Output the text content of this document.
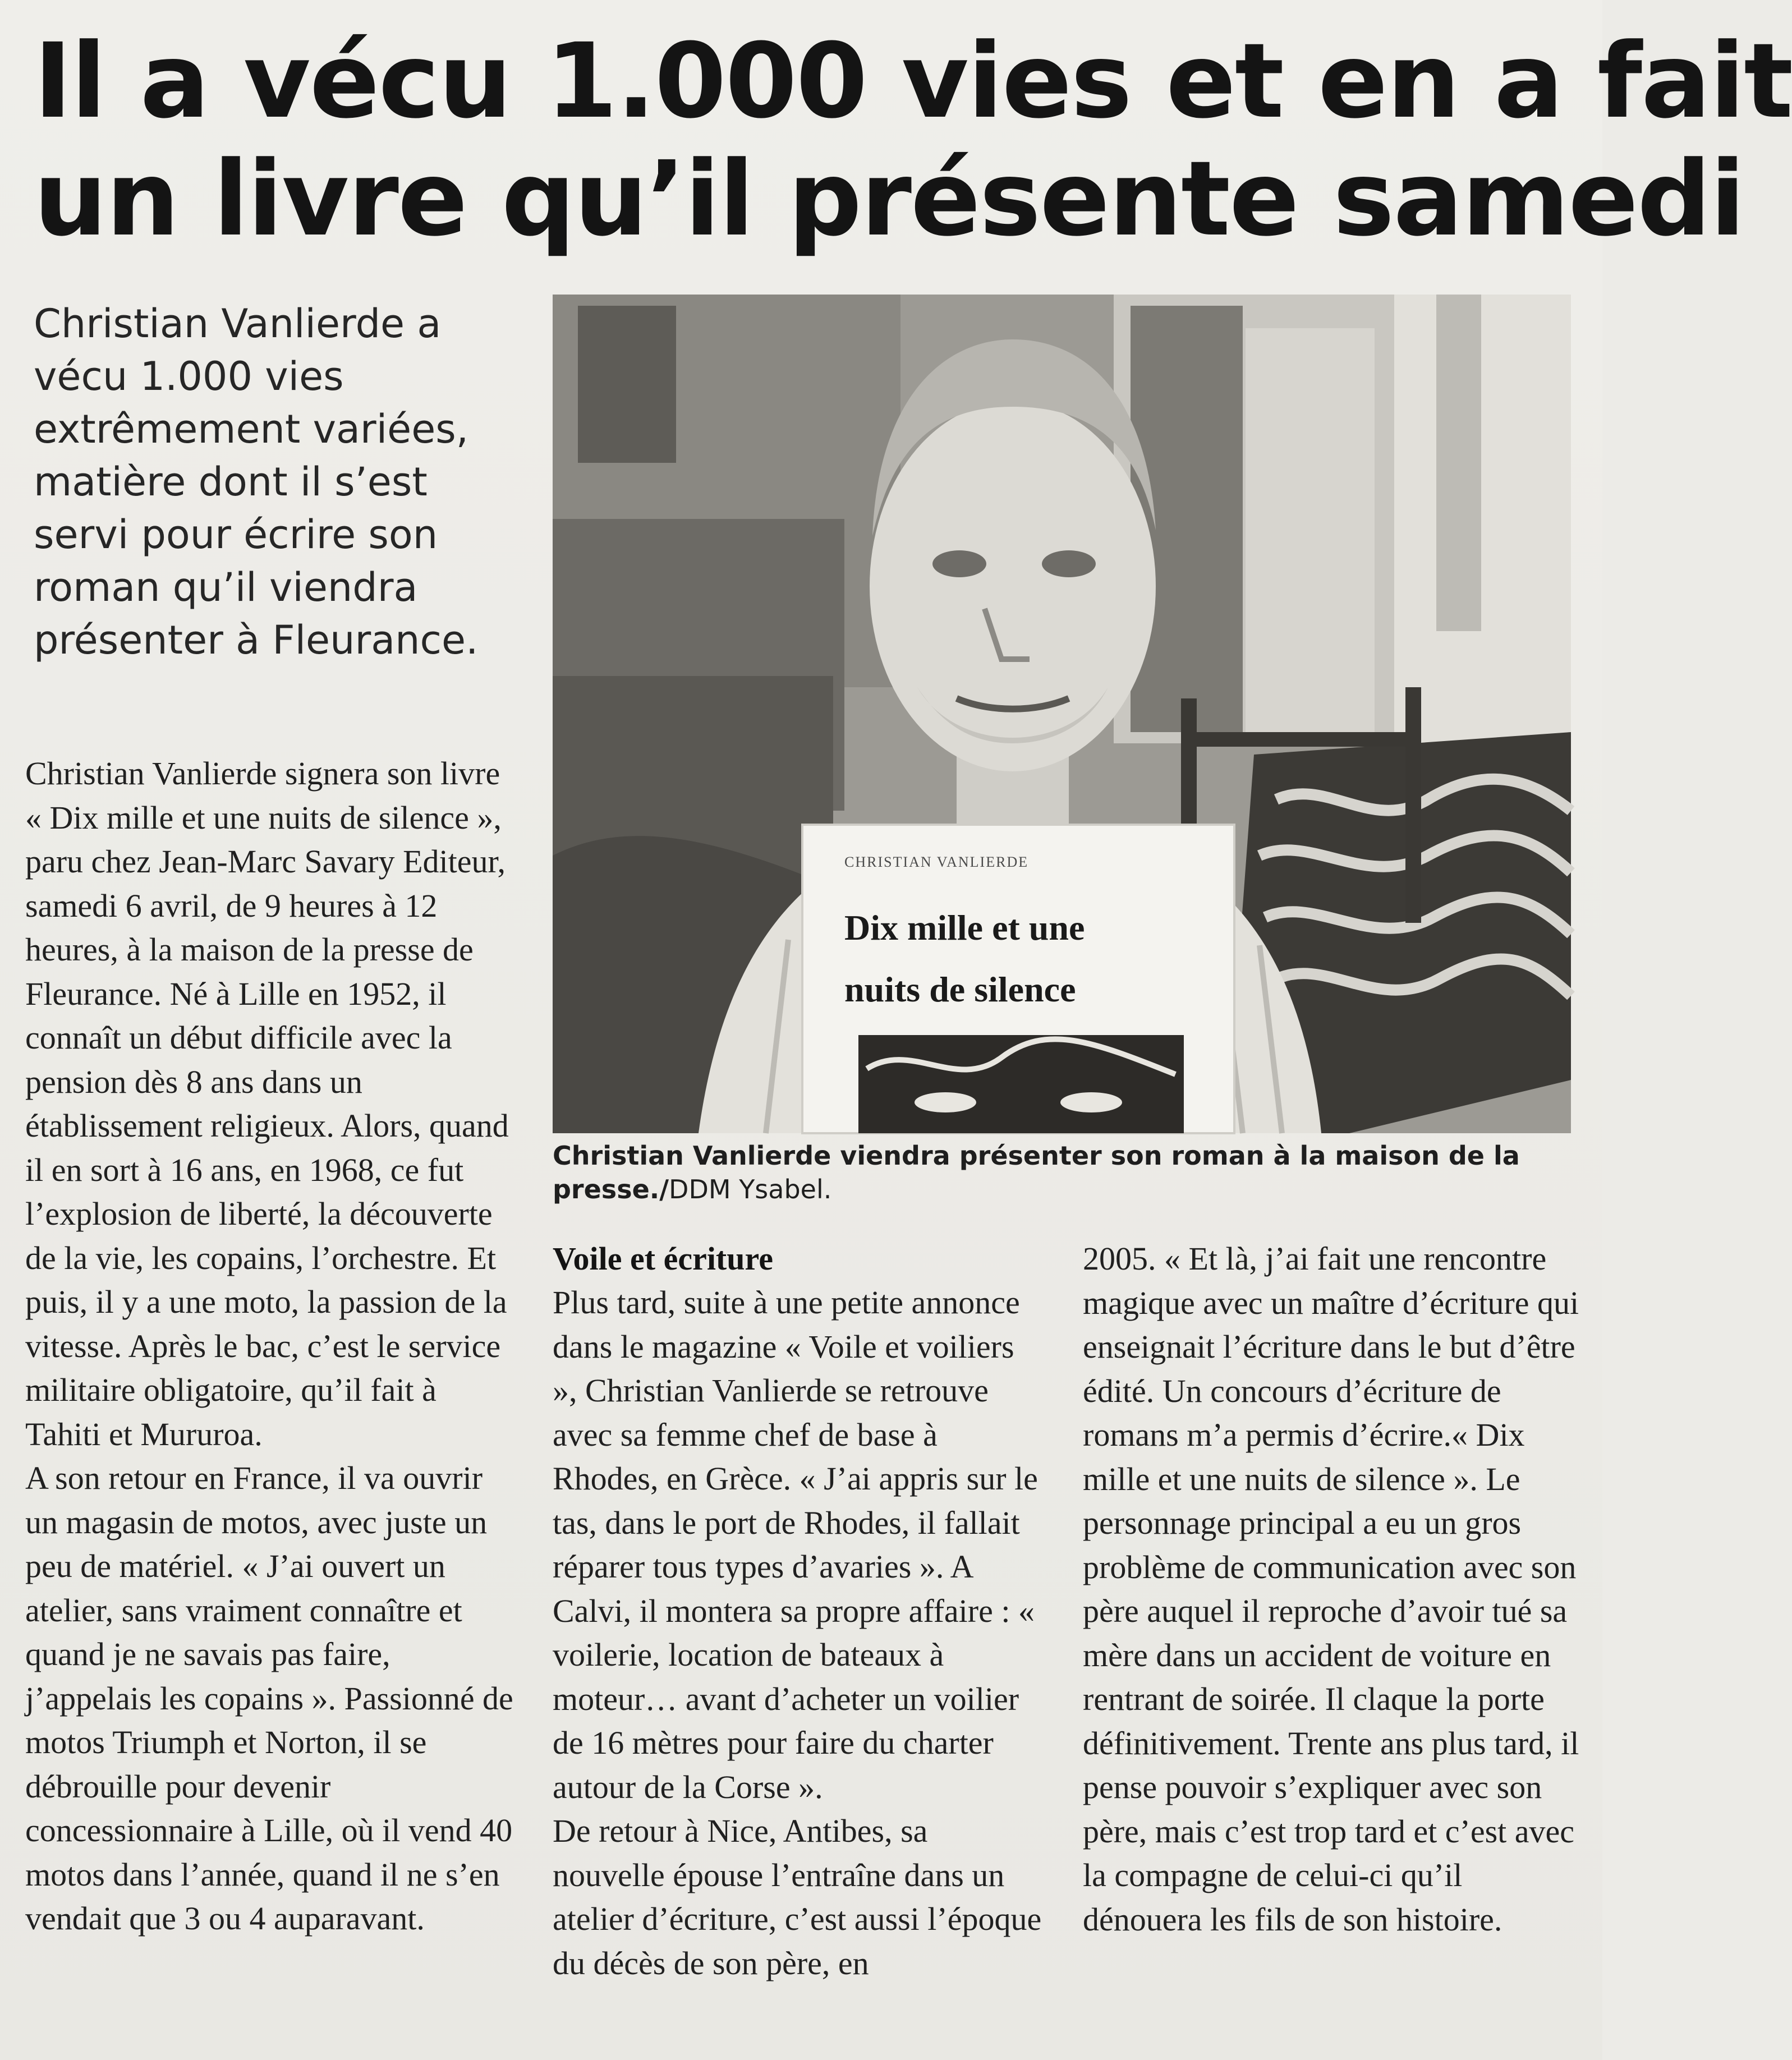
Il a vécu 1.000 vies et en a fait
un livre qu’il présente samedi
Christian Vanlierde a vécu 1.000 vies extrêmement variées, matière dont il s’est servi pour écrire son roman qu’il viendra présenter à Fleurance.
CHRISTIAN VANLIERDE
Dix mille et une
nuits de silence
Christian Vanlierde viendra présenter son roman à la maison de la presse./DDM Ysabel.

Christian Vanlierde signera son livre « Dix mille et une nuits de silence », paru chez Jean-Marc Savary Editeur, samedi 6 avril, de 9 heures à 12 heures, à la maison de la presse de Fleurance. Né à Lille en 1952, il connaît un début difficile avec la pension dès 8 ans dans un établissement religieux. Alors, quand il en sort à 16 ans, en 1968, ce fut l’explosion de liberté, la découverte de la vie, les copains, l’orchestre. Et puis, il y a une moto, la passion de la vitesse. Après le bac, c’est le service militaire obligatoire, qu’il fait à Tahiti et Mururoa.

A son retour en France, il va ouvrir un magasin de motos, avec juste un peu de matériel. « J’ai ouvert un atelier, sans vraiment connaître et quand je ne savais pas faire, j’appelais les copains ». Passionné de motos Triumph et Norton, il se débrouille pour devenir concessionnaire à Lille, où il vend 40 motos dans l’année, quand il ne s’en vendait que 3 ou 4 auparavant.

Voile et écriture

Plus tard, suite à une petite annonce dans le magazine « Voile et voiliers », Christian Vanlierde se retrouve avec sa femme chef de base à Rhodes, en Grèce. « J’ai appris sur le tas, dans le port de Rhodes, il fallait réparer tous types d’avaries ». A Calvi, il montera sa propre affaire : « voilerie, location de bateaux à moteur… avant d’acheter un voilier de 16 mètres pour faire du charter autour de la Corse ».

De retour à Nice, Antibes, sa nouvelle épouse l’entraîne dans un atelier d’écriture, c’est aussi l’époque du décès de son père, en

2005. « Et là, j’ai fait une rencontre magique avec un maître d’écriture qui enseignait l’écriture dans le but d’être édité. Un concours d’écriture de romans m’a permis d’écrire.« Dix mille et une nuits de silence ». Le personnage principal a eu un gros problème de communication avec son père auquel il reproche d’avoir tué sa mère dans un accident de voiture en rentrant de soirée. Il claque la porte définitivement. Trente ans plus tard, il pense pouvoir s’expliquer avec son père, mais c’est trop tard et c’est avec la compagne de celui-ci qu’il dénouera les fils de son histoire.
